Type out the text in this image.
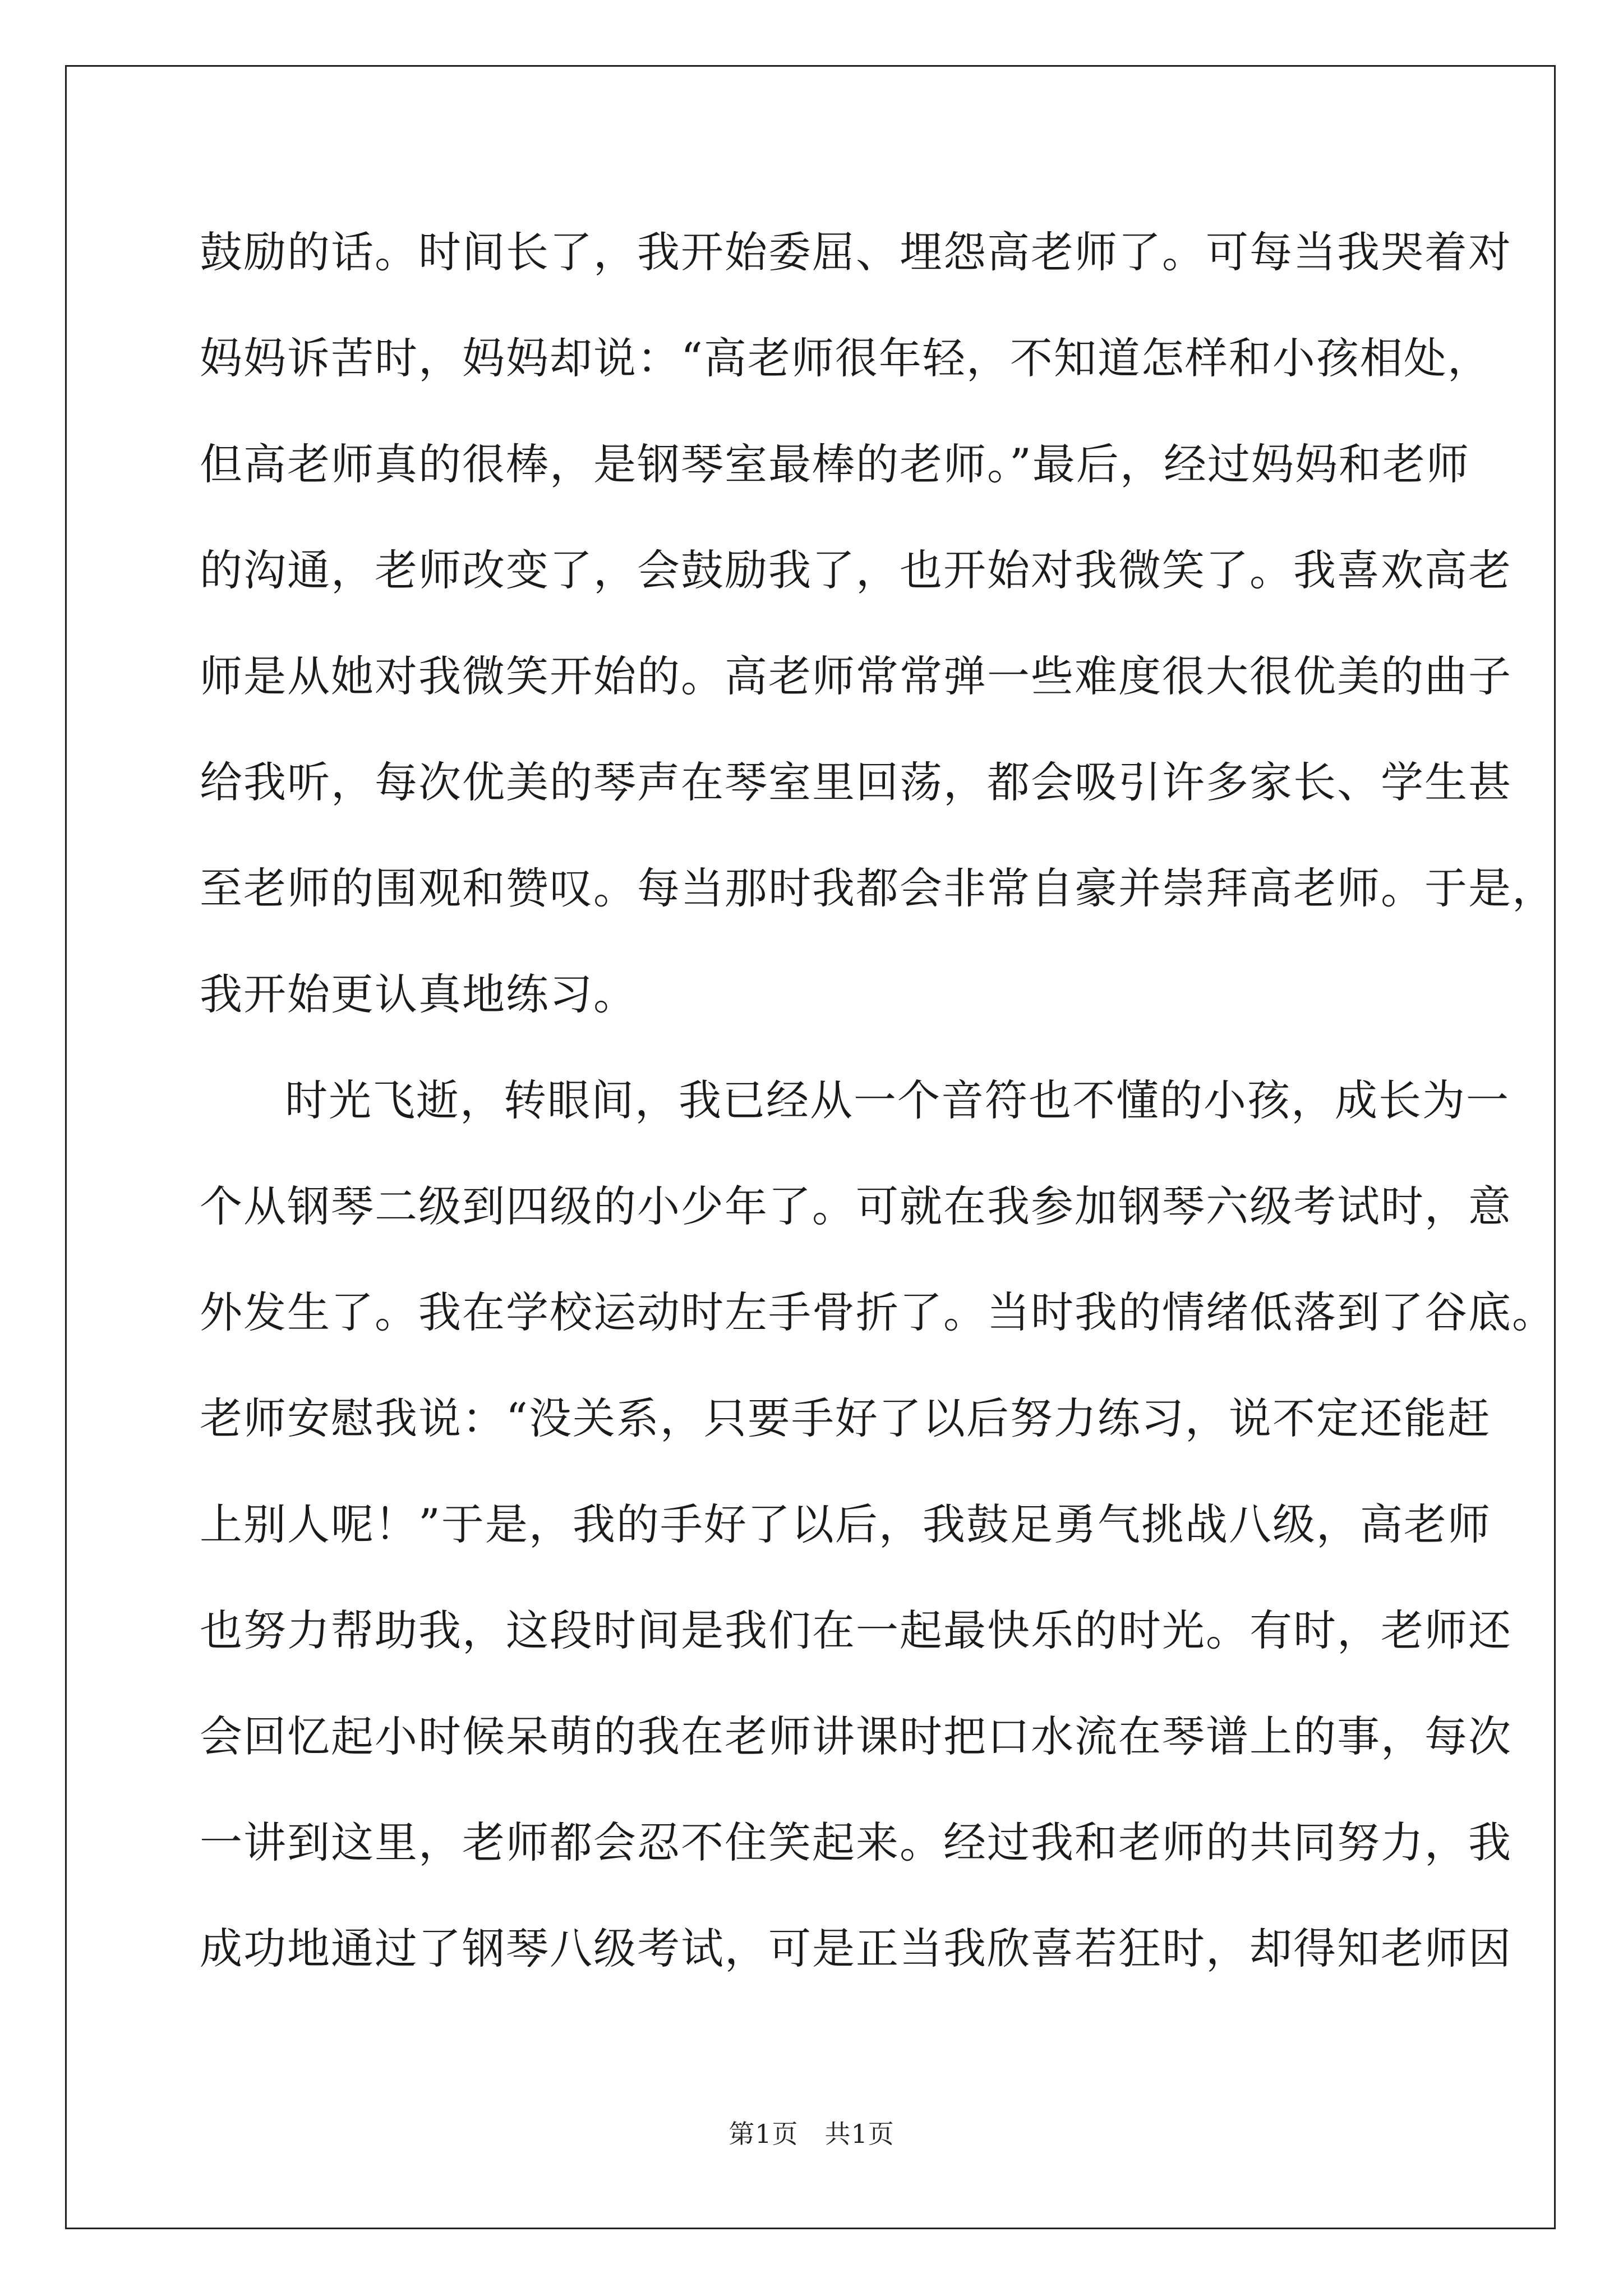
鼓励的话。时间长了，我开始委屈、埋怨高老师了。可每当我哭着对
妈妈诉苦时，妈妈却说：“高老师很年轻，不知道怎样和小孩相处，
但高老师真的很棒，是钢琴室最棒的老师。”最后，经过妈妈和老师
的沟通，老师改变了，会鼓励我了，也开始对我微笑了。我喜欢高老
师是从她对我微笑开始的。高老师常常弹一些难度很大很优美的曲子
给我听，每次优美的琴声在琴室里回荡，都会吸引许多家长、学生甚
至老师的围观和赞叹。每当那时我都会非常自豪并崇拜高老师。于是，
我开始更认真地练习。
时光飞逝，转眼间，我已经从一个音符也不懂的小孩，成长为一
个从钢琴二级到四级的小少年了。可就在我参加钢琴六级考试时，意
外发生了。我在学校运动时左手骨折了。当时我的情绪低落到了谷底。
老师安慰我说：“没关系，只要手好了以后努力练习，说不定还能赶
上别人呢！”于是，我的手好了以后，我鼓足勇气挑战八级，高老师
也努力帮助我，这段时间是我们在一起最快乐的时光。有时，老师还
会回忆起小时候呆萌的我在老师讲课时把口水流在琴谱上的事，每次
一讲到这里，老师都会忍不住笑起来。经过我和老师的共同努力，我
成功地通过了钢琴八级考试，可是正当我欣喜若狂时，却得知老师因
第1页 共1页
